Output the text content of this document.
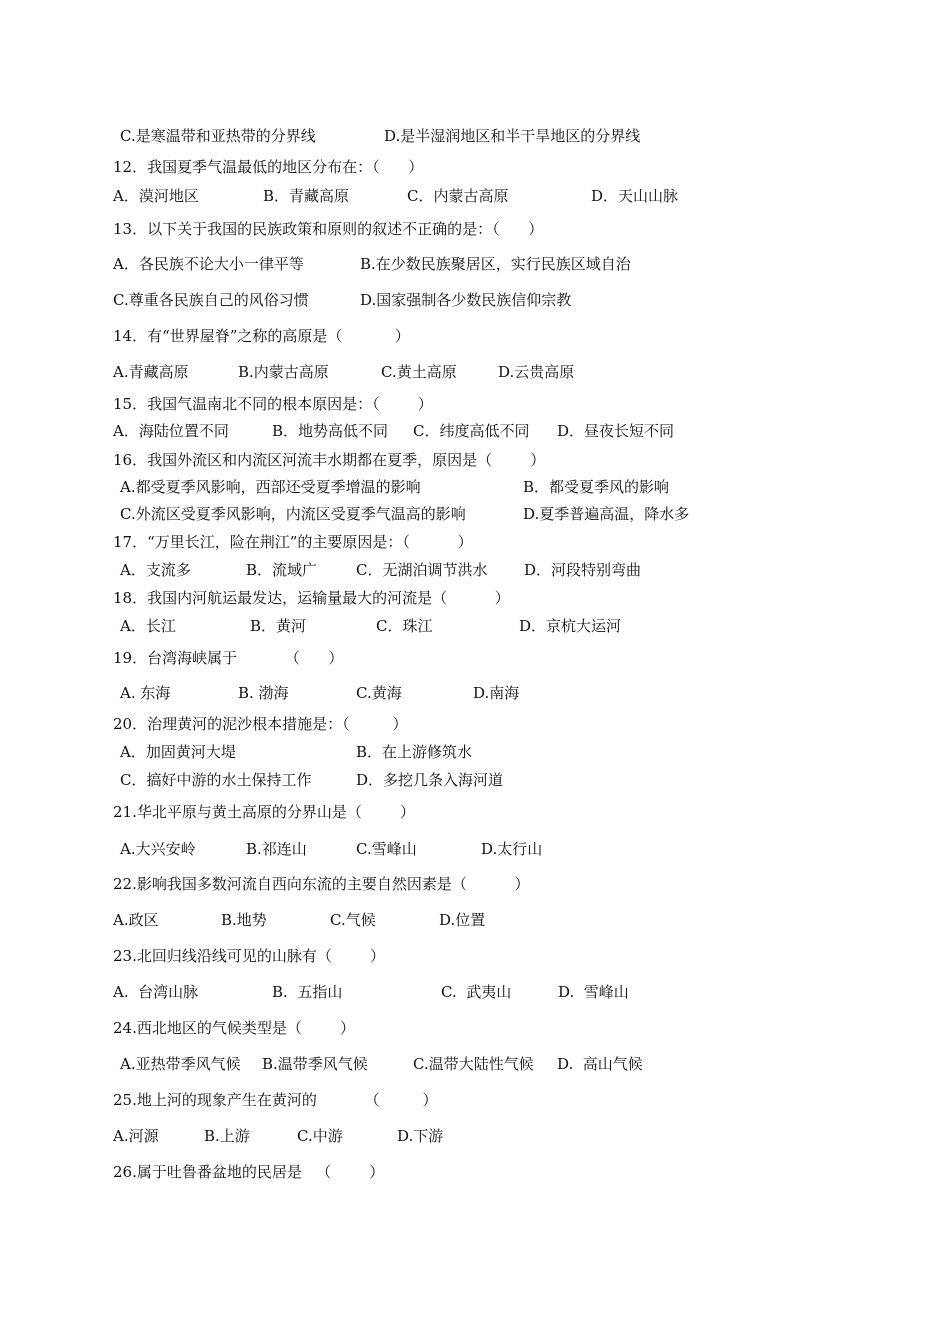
C.是寒温带和亚热带的分界线	D.是半湿润地区和半干旱地区的分界线
12．我国夏季气温最低的地区分布在：（      ）
A．漠河地区	B．青藏高原	C．内蒙古高原	D．天山山脉
13．以下关于我国的民族政策和原则的叙述不正确的是：（      ）
A．各民族不论大小一律平等	B.在少数民族聚居区，实行民族区域自治
C.尊重各民族自己的风俗习惯	D.国家强制各少数民族信仰宗教
14．有“世界屋脊”之称的高原是（           ）
A.青藏高原	B.内蒙古高原	C.黄土高原	D.云贵高原
15．我国气温南北不同的根本原因是：（        ）
A．海陆位置不同	B．地势高低不同 C．纬度高低不同 D．昼夜长短不同
16．我国外流区和内流区河流丰水期都在夏季，原因是（        ）
A.都受夏季风影响，西部还受夏季增温的影响	B．都受夏季风的影响
C.外流区受夏季风影响，内流区受夏季气温高的影响	D.夏季普遍高温，降水多
17．“万里长江，险在荆江”的主要原因是：（          ）
A．支流多	B．流域广	C．无湖泊调节洪水 D．河段特别弯曲
18．我国内河航运最发达，运输量最大的河流是（          ）
A．长江	B．黄河	C．珠江	D．京杭大运河
19．台湾海峡属于          （      ）
A. 东海	B. 渤海	C.黄海	D.南海
20．治理黄河的泥沙根本措施是：（         ）
A．加固黄河大堤	B．在上游修筑水
C．搞好中游的水土保持工作	D．多挖几条入海河道
21.华北平原与黄土高原的分界山是（        ）
A.大兴安岭	B.祁连山	C.雪峰山	D.太行山
22.影响我国多数河流自西向东流的主要自然因素是（          ）
A.政区	B.地势	C.气候	D.位置
23.北回归线沿线可见的山脉有（        ）
A.  台湾山脉	B.  五指山	C.  武夷山	D.  雪峰山
24.西北地区的气候类型是（        ）
A.亚热带季风气候 B.温带季风气候	C.温带大陆性气候 D.  高山气候
25.地上河的现象产生在黄河的          （         ）
A.河源	B.上游	C.中游	D.下游
26.属于吐鲁番盆地的民居是   （        ）
